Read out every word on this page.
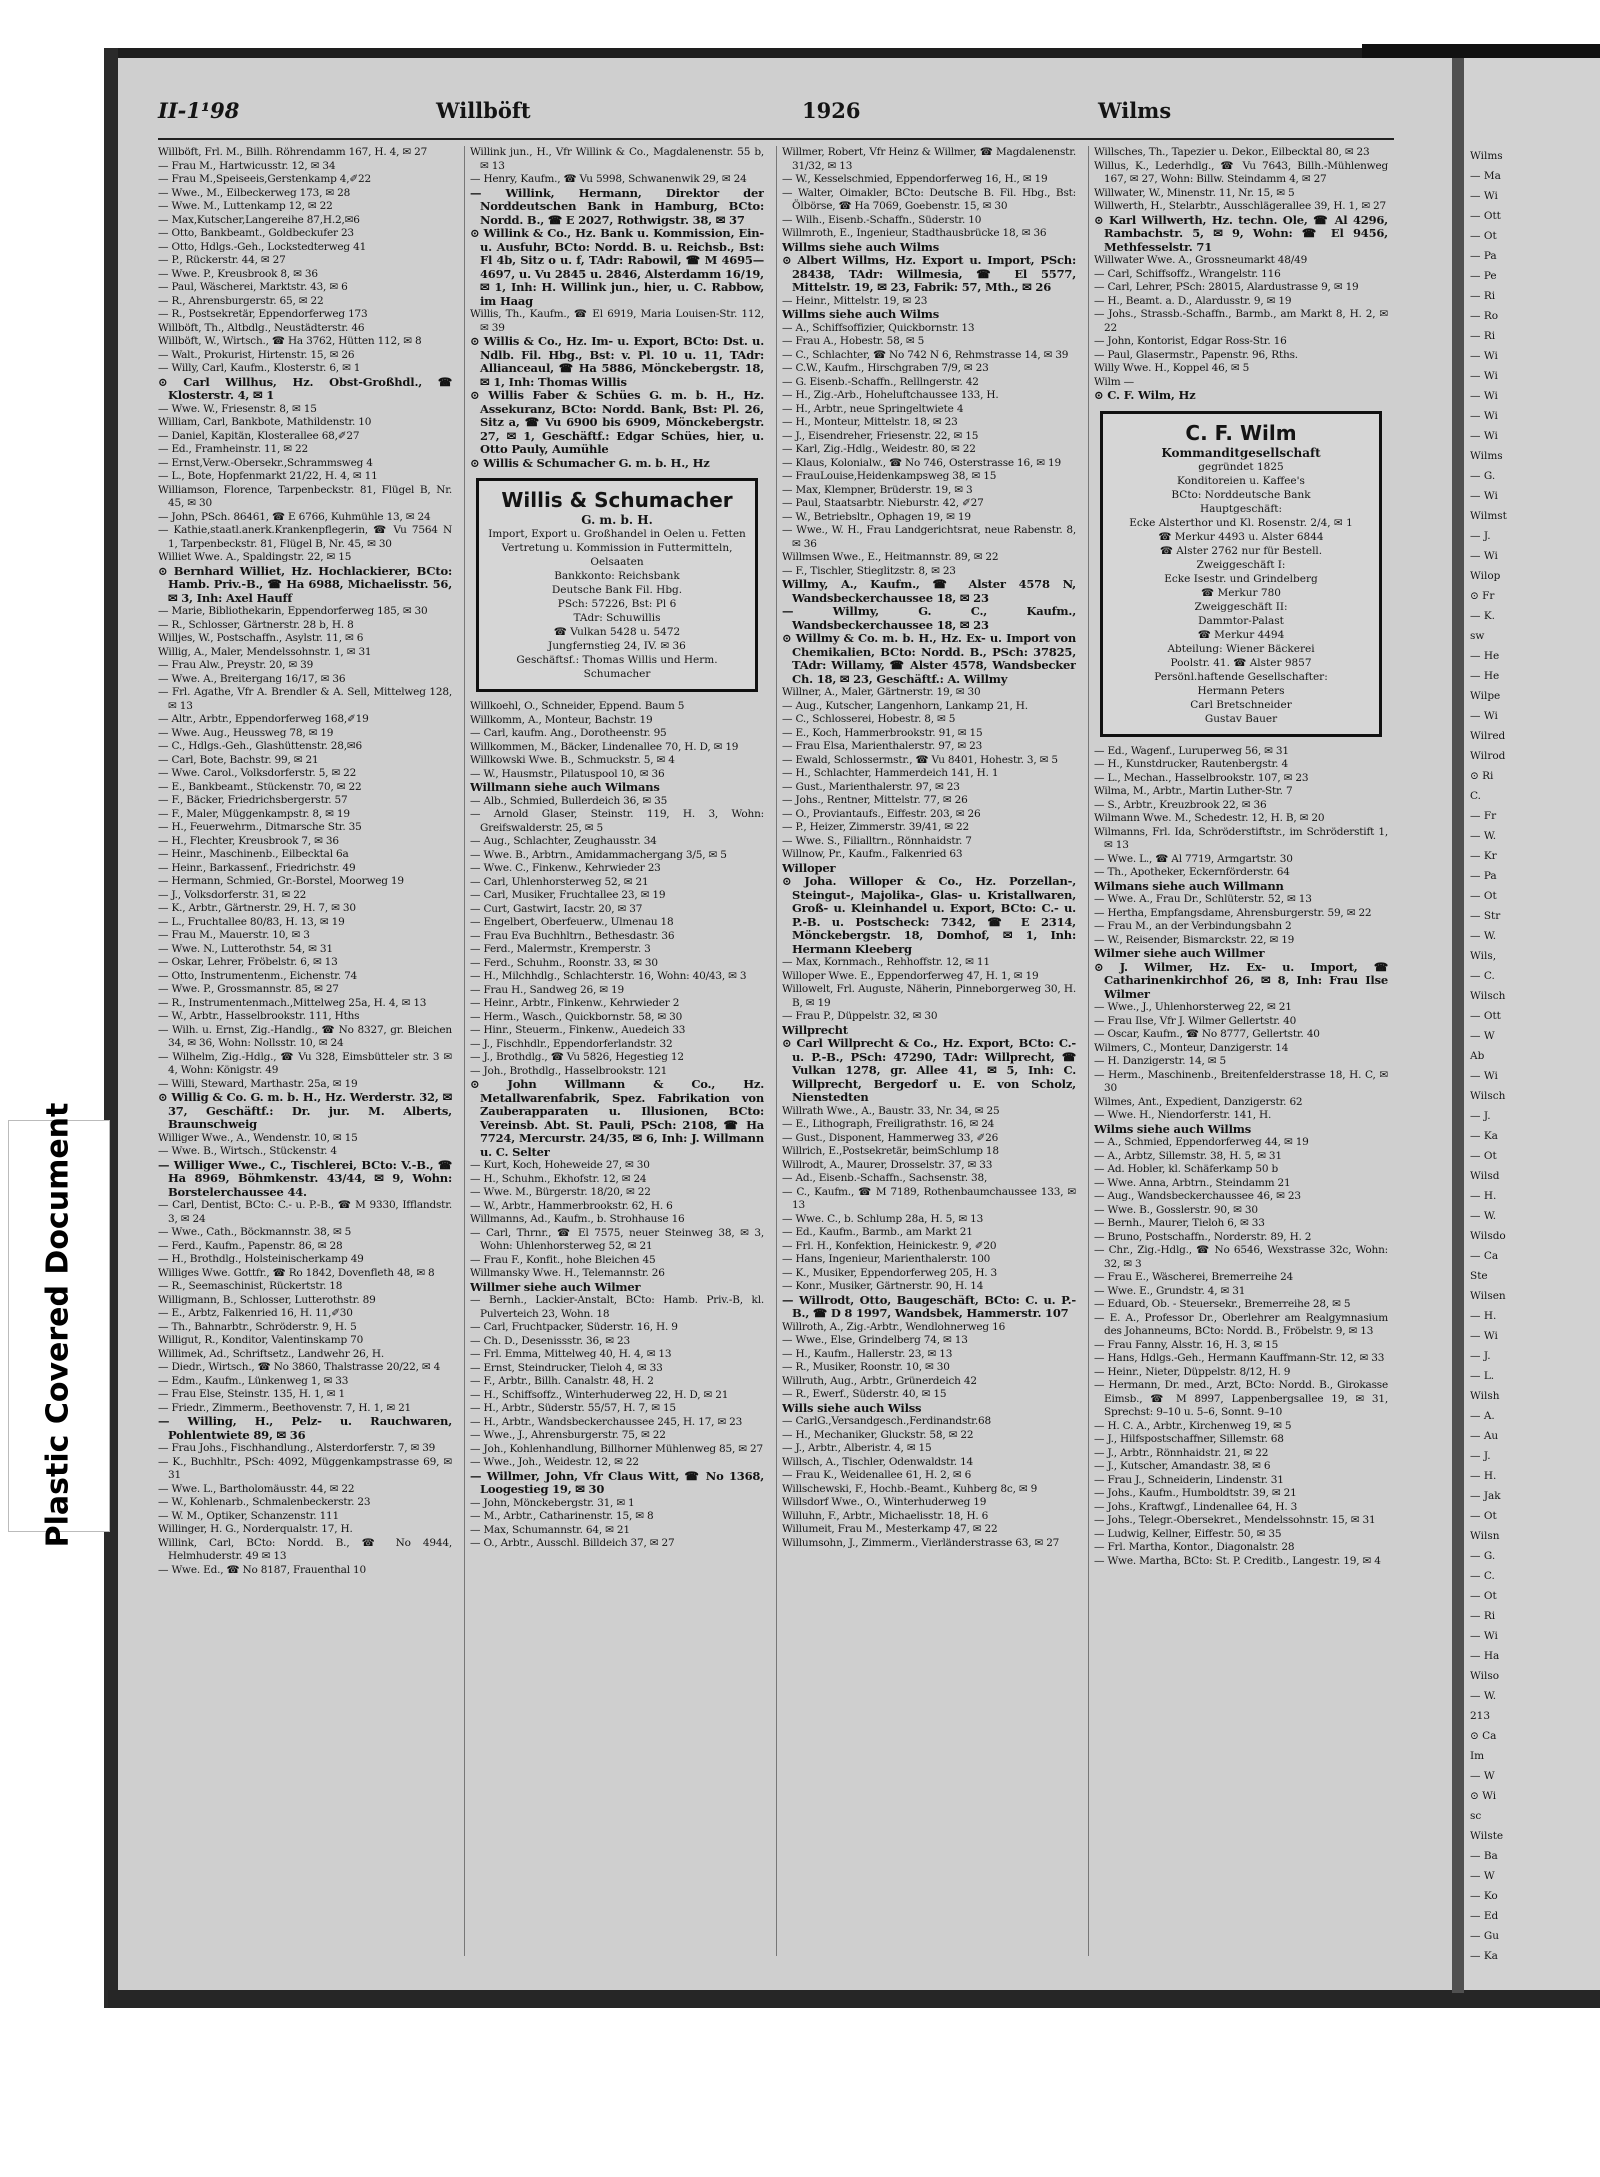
Plastic Covered Document
II-1¹98	Willböft	1926	Wilms

Willböft, Frl. M., Billh. Röhrendamm 167, H. 4, ✉ 27

— Frau M., Hartwicusstr. 12, ✉ 34

— Frau M.,Speiseeis,Gerstenkamp 4,✐22

— Wwe., M., Eilbeckerweg 173, ✉ 28

— Wwe. M., Luttenkamp 12, ✉ 22

— Max,Kutscher,Langereihe 87,H.2,✉6

— Otto, Bankbeamt., Goldbeckufer 23

— Otto, Hdlgs.-Geh., Lockstedterweg 41

— P., Rückerstr. 44, ✉ 27

— Wwe. P., Kreusbrook 8, ✉ 36

— Paul, Wäscherei, Marktstr. 43, ✉ 6

— R., Ahrensburgerstr. 65, ✉ 22

— R., Postsekretär, Eppendorferweg 173

Willböft, Th., Altbdlg., Neustädterstr. 46

Willböft, W., Wirtsch., ☎ Ha 3762, Hütten 112, ✉ 8

— Walt., Prokurist, Hirtenstr. 15, ✉ 26

— Willy, Carl, Kaufm., Klosterstr. 6, ✉ 1

⊙ Carl Willhus, Hz. Obst-Großhdl., ☎ Klosterstr. 4, ✉ 1

— Wwe. W., Friesenstr. 8, ✉ 15

William, Carl, Bankbote, Mathildenstr. 10

— Daniel, Kapitän, Klosterallee 68,✐27

— Ed., Framheinstr. 11, ✉ 22

— Ernst,Verw.-Obersekr.,Schrammsweg 4

— L., Bote, Hopfenmarkt 21/22, H. 4, ✉ 11

Williamson, Florence, Tarpenbeckstr. 81, Flügel B, Nr. 45, ✉ 30

— John, PSch. 86461, ☎ E 6766, Kuhmühle 13, ✉ 24

— Kathie,staatl.anerk.Krankenpflegerin, ☎ Vu 7564 N 1, Tarpenbeckstr. 81, Flügel B, Nr. 45, ✉ 30

Williet Wwe. A., Spaldingstr. 22, ✉ 15

⊙ Bernhard Williet, Hz. Hochlackierer, BCto: Hamb. Priv.-B., ☎ Ha 6988, Michaelisstr. 56, ✉ 3, Inh: Axel Hauff

— Marie, Bibliothekarin, Eppendorferweg 185, ✉ 30

— R., Schlosser, Gärtnerstr. 28 b, H. 8

Willjes, W., Postschaffn., Asylstr. 11, ✉ 6

Willig, A., Maler, Mendelssohnstr. 1, ✉ 31

— Frau Alw., Preystr. 20, ✉ 39

— Wwe. A., Breitergang 16/17, ✉ 36

— Frl. Agathe, Vfr A. Brendler & A. Sell, Mittelweg 128, ✉ 13

— Altr., Arbtr., Eppendorferweg 168,✐19

— Wwe. Aug., Heussweg 78, ✉ 19

— C., Hdlgs.-Geh., Glashüttenstr. 28,✉6

— Carl, Bote, Bachstr. 99, ✉ 21

— Wwe. Carol., Volksdorferstr. 5, ✉ 22

— E., Bankbeamt., Stückenstr. 70, ✉ 22

— F., Bäcker, Friedrichsbergerstr. 57

— F., Maler, Müggenkampstr. 8, ✉ 19

— H., Feuerwehrm., Ditmarsche Str. 35

— H., Flechter, Kreusbrook 7, ✉ 36

— Heinr., Maschinenb., Eilbecktal 6a

— Heinr., Barkassenf., Friedrichstr. 49

— Hermann, Schmied, Gr.-Borstel, Moorweg 19

— J., Volksdorferstr. 31, ✉ 22

— K., Arbtr., Gärtnerstr. 29, H. 7, ✉ 30

— L., Fruchtallee 80/83, H. 13, ✉ 19

— Frau M., Mauerstr. 10, ✉ 3

— Wwe. N., Lutterothstr. 54, ✉ 31

— Oskar, Lehrer, Fröbelstr. 6, ✉ 13

— Otto, Instrumentenm., Eichenstr. 74

— Wwe. P., Grossmannstr. 85, ✉ 27

— R., Instrumentenmach.,Mittelweg 25a, H. 4, ✉ 13

— W., Arbtr., Hasselbrookstr. 111, Hths

— Wilh. u. Ernst, Zig.-Handlg., ☎ No 8327, gr. Bleichen 34, ✉ 36, Wohn: Nollsstr. 10, ✉ 24

— Wilhelm, Zig.-Hdlg., ☎ Vu 328, Eimsbütteler str. 3 ✉ 4, Wohn: Königstr. 49

— Willi, Steward, Marthastr. 25a, ✉ 19

⊙ Willig & Co. G. m. b. H., Hz. Werderstr. 32, ✉ 37, Geschäftf.: Dr. jur. M. Alberts, Braunschweig

Williger Wwe., A., Wendenstr. 10, ✉ 15

— Wwe. B., Wirtsch., Stückenstr. 4

— Williger Wwe., C., Tischlerei, BCto: V.-B., ☎ Ha 8969, Böhmkenstr. 43/44, ✉ 9, Wohn: Borstelerchaussee 44.

— Carl, Dentist, BCto: C.- u. P.-B., ☎ M 9330, Ifflandstr. 3, ✉ 24

— Wwe., Cath., Böckmannstr. 38, ✉ 5

— Ferd., Kaufm., Papenstr. 86, ✉ 28

— H., Brothdlg., Holsteinischerkamp 49

Williges Wwe. Gottfr., ☎ Ro 1842, Dovenfleth 48, ✉ 8

— R., Seemaschinist, Rückertstr. 18

Willigmann, B., Schlosser, Lutterothstr. 89

— E., Arbtz, Falkenried 16, H. 11,✐30

— Th., Bahnarbtr., Schröderstr. 9, H. 5

Willigut, R., Konditor, Valentinskamp 70

Willimek, Ad., Schriftsetz., Landwehr 26, H.

— Diedr., Wirtsch., ☎ No 3860, Thalstrasse 20/22, ✉ 4

— Edm., Kaufm., Lünkenweg 1, ✉ 33

— Frau Else, Steinstr. 135, H. 1, ✉ 1

— Friedr., Zimmerm., Beethovenstr. 7, H. 1, ✉ 21

— Willing, H., Pelz- u. Rauchwaren, Pohlentwiete 89, ✉ 36

— Frau Johs., Fischhandlung., Alsterdorferstr. 7, ✉ 39

— K., Buchhltr., PSch: 4092, Müggenkampstrasse 69, ✉ 31

— Wwe. L., Bartholomäusstr. 44, ✉ 22

— W., Kohlenarb., Schmalenbeckerstr. 23

— W. M., Optiker, Schanzenstr. 111

Willinger, H. G., Norderqualstr. 17, H.

Willink, Carl, BCto: Nordd. B., ☎ No 4944, Helmhuderstr. 49 ✉ 13

— Wwe. Ed., ☎ No 8187, Frauenthal 10

Willink jun., H., Vfr Willink & Co., Magdalenenstr. 55 b, ✉ 13

— Henry, Kaufm., ☎ Vu 5998, Schwanenwik 29, ✉ 24

— Willink, Hermann, Direktor der Norddeutschen Bank in Hamburg, BCto: Nordd. B., ☎ E 2027, Rothwigstr. 38, ✉ 37

⊙ Willink & Co., Hz. Bank u. Kommission, Ein- u. Ausfuhr, BCto: Nordd. B. u. Reichsb., Bst: Fl 4b, Sitz o u. f, TAdr: Rabowil, ☎ M 4695—4697, u. Vu 2845 u. 2846, Alsterdamm 16/19, ✉ 1, Inh: H. Willink jun., hier, u. C. Rabbow, im Haag

Willis, Th., Kaufm., ☎ El 6919, Maria Louisen-Str. 112, ✉ 39

⊙ Willis & Co., Hz. Im- u. Export, BCto: Dst. u. Ndlb. Fil. Hbg., Bst: v. Pl. 10 u. 11, TAdr: Allianceaul, ☎ Ha 5886, Mönckebergstr. 18, ✉ 1, Inh: Thomas Willis

⊙ Willis Faber & Schües G. m. b. H., Hz. Assekuranz, BCto: Nordd. Bank, Bst: Pl. 26, Sitz a, ☎ Vu 6900 bis 6909, Mönckebergstr. 27, ✉ 1, Geschäftf.: Edgar Schües, hier, u. Otto Pauly, Aumühle

⊙ Willis & Schumacher G. m. b. H., Hz

Willis & Schumacher
G. m. b. H.
Import, Export u. Großhandel in Oelen u. Fetten
Vertretung u. Kommission in Futtermitteln, Oelsaaten
Bankkonto: Reichsbank
Deutsche Bank Fil. Hbg.
PSch: 57226, Bst: Pl 6
TAdr: Schuwillis
☎ Vulkan 5428 u. 5472
Jungfernstieg 24, IV. ✉ 36
Geschäftsf.: Thomas Willis und Herm. Schumacher

Willkoehl, O., Schneider, Eppend. Baum 5

Willkomm, A., Monteur, Bachstr. 19

— Carl, kaufm. Ang., Dorotheenstr. 95

Willkommen, M., Bäcker, Lindenallee 70, H. D, ✉ 19

Willkowski Wwe. B., Schmuckstr. 5, ✉ 4

— W., Hausmstr., Pilatuspool 10, ✉ 36

Willmann siehe auch Wilmans

— Alb., Schmied, Bullerdeich 36, ✉ 35

— Arnold Glaser, Steinstr. 119, H. 3, Wohn: Greifswalderstr. 25, ✉ 5

— Aug., Schlachter, Zeughausstr. 34

— Wwe. B., Arbtrn., Amidammachergang 3/5, ✉ 5

— Wwe. C., Finkenw., Kehrwieder 23

— Carl, Uhlenhorsterweg 52, ✉ 21

— Carl, Musiker, Fruchtallee 23, ✉ 19

— Curt, Gastwirt, Iacstr. 20, ✉ 37

— Engelbert, Oberfeuerw., Ulmenau 18

— Frau Eva Buchhltrn., Bethesdastr. 36

— Ferd., Malermstr., Kremperstr. 3

— Ferd., Schuhm., Roonstr. 33, ✉ 30

— H., Milchhdlg., Schlachterstr. 16, Wohn: 40/43, ✉ 3

— Frau H., Sandweg 26, ✉ 19

— Heinr., Arbtr., Finkenw., Kehrwieder 2

— Herm., Wasch., Quickbornstr. 58, ✉ 30

— Hinr., Steuerm., Finkenw., Auedeich 33

— J., Fischhdlr., Eppendorferlandstr. 32

— J., Brothdlg., ☎ Vu 5826, Hegestieg 12

— Joh., Brothdlg., Hasselbrookstr. 121

⊙ John Willmann & Co., Hz. Metallwarenfabrik, Spez. Fabrikation von Zauberapparaten u. Illusionen, BCto: Vereinsb. Abt. St. Pauli, PSch: 2108, ☎ Ha 7724, Mercurstr. 24/35, ✉ 6, Inh: J. Willmann u. C. Selter

— Kurt, Koch, Hoheweide 27, ✉ 30

— H., Schuhm., Ekhofstr. 12, ✉ 24

— Wwe. M., Bürgerstr. 18/20, ✉ 22

— W., Arbtr., Hammerbrookstr. 62, H. 6

Willmanns, Ad., Kaufm., b. Strohhause 16

— Carl, Thrnr., ☎ El 7575, neuer Steinweg 38, ✉ 3, Wohn: Uhlenhorsterweg 52, ✉ 21

— Frau F., Konfit., hohe Bleichen 45

Willmansky Wwe. H., Telemannstr. 26

Willmer siehe auch Wilmer

— Bernh., Lackier-Anstalt, BCto: Hamb. Priv.-B, kl. Pulverteich 23, Wohn. 18

— Carl, Fruchtpacker, Süderstr. 16, H. 9

— Ch. D., Desenissstr. 36, ✉ 23

— Frl. Emma, Mittelweg 40, H. 4, ✉ 13

— Ernst, Steindrucker, Tieloh 4, ✉ 33

— F., Arbtr., Billh. Canalstr. 48, H. 2

— H., Schiffsoffz., Winterhuderweg 22, H. D, ✉ 21

— H., Arbtr., Süderstr. 55/57, H. 7, ✉ 15

— H., Arbtr., Wandsbeckerchaussee 245, H. 17, ✉ 23

— Wwe., J., Ahrensburgerstr. 75, ✉ 22

— Joh., Kohlenhandlung, Billhorner Mühlenweg 85, ✉ 27

— Wwe., Joh., Weidestr. 12, ✉ 22

— Willmer, John, Vfr Claus Witt, ☎ No 1368, Loogestieg 19, ✉ 30

— John, Mönckebergstr. 31, ✉ 1

— M., Arbtr., Catharinenstr. 15, ✉ 8

— Max, Schumannstr. 64, ✉ 21

— O., Arbtr., Ausschl. Billdeich 37, ✉ 27

Willmer, Robert, Vfr Heinz & Willmer, ☎ Magdalenenstr. 31/32, ✉ 13

— W., Kesselschmied, Eppendorferweg 16, H., ✉ 19

— Walter, Oimakler, BCto: Deutsche B. Fil. Hbg., Bst: Ölbörse, ☎ Ha 7069, Goebenstr. 15, ✉ 30

— Wilh., Eisenb.-Schaffn., Süderstr. 10

Willmroth, E., Ingenieur, Stadthausbrücke 18, ✉ 36

Willms siehe auch Wilms

⊙ Albert Willms, Hz. Export u. Import, PSch: 28438, TAdr: Willmesia, ☎ El 5577, Mittelstr. 19, ✉ 23, Fabrik: 57, Mth., ✉ 26

— Heinr., Mittelstr. 19, ✉ 23

Willms siehe auch Wilms

— A., Schiffsoffizier, Quickbornstr. 13

— Frau A., Hobestr. 58, ✉ 5

— C., Schlachter, ☎ No 742 N 6, Rehmstrasse 14, ✉ 39

— C.W., Kaufm., Hirschgraben 7/9, ✉ 23

— G. Eisenb.-Schaffn., Relllngerstr. 42

— H., Zig.-Arb., Hoheluftchaussee 133, H.

— H., Arbtr., neue Springeltwiete 4

— H., Monteur, Mittelstr. 18, ✉ 23

— J., Eisendreher, Friesenstr. 22, ✉ 15

— Karl, Zig.-Hdlg., Weidestr. 80, ✉ 22

— Klaus, Kolonialw., ☎ No 746, Osterstrasse 16, ✉ 19

— FrauLouise,Heidenkampsweg 38, ✉ 15

— Max, Klempner, Brüderstr. 19, ✉ 3

— Paul, Staatsarbtr. Nieburstr. 42, ✐27

— W., Betriebsltr., Ophagen 19, ✉ 19

— Wwe., W. H., Frau Landgerichtsrat, neue Rabenstr. 8, ✉ 36

Willmsen Wwe., E., Heitmannstr. 89, ✉ 22

— F., Tischler, Stieglitzstr. 8, ✉ 23

Willmy, A., Kaufm., ☎ Alster 4578 N, Wandsbeckerchaussee 18, ✉ 23

— Willmy, G. C., Kaufm., Wandsbeckerchaussee 18, ✉ 23

⊙ Willmy & Co. m. b. H., Hz. Ex- u. Import von Chemikalien, BCto: Nordd. B., PSch: 37825, TAdr: Willamy, ☎ Alster 4578, Wandsbecker Ch. 18, ✉ 23, Geschäftf.: A. Willmy

Willner, A., Maler, Gärtnerstr. 19, ✉ 30

— Aug., Kutscher, Langenhorn, Lankamp 21, H.

— C., Schlosserei, Hobestr. 8, ✉ 5

— E., Koch, Hammerbrookstr. 91, ✉ 15

— Frau Elsa, Marienthalerstr. 97, ✉ 23

— Ewald, Schlossermstr., ☎ Vu 8401, Hohestr. 3, ✉ 5

— H., Schlachter, Hammerdeich 141, H. 1

— Gust., Marienthalerstr. 97, ✉ 23

— Johs., Rentner, Mittelstr. 77, ✉ 26

— O., Proviantaufs., Eiffestr. 203, ✉ 26

— P., Heizer, Zimmerstr. 39/41, ✉ 22

— Wwe. S., Filialltrn., Rönnhaidstr. 7

Willnow, Pr., Kaufm., Falkenried 63

Willoper

⊙ Joha. Willoper & Co., Hz. Porzellan-, Steingut-, Majolika-, Glas- u. Kristallwaren, Groß- u. Kleinhandel u. Export, BCto: C.- u. P.-B. u. Postscheck: 7342, ☎ E 2314, Mönckebergstr. 18, Domhof, ✉ 1, Inh: Hermann Kleeberg

— Max, Kornmach., Rehhoffstr. 12, ✉ 11

Willoper Wwe. E., Eppendorferweg 47, H. 1, ✉ 19

Willowelt, Frl. Auguste, Näherin, Pinneborgerweg 30, H. B, ✉ 19

— Frau P., Düppelstr. 32, ✉ 30

Willprecht

⊙ Carl Willprecht & Co., Hz. Export, BCto: C.- u. P.-B., PSch: 47290, TAdr: Willprecht, ☎ Vulkan 1278, gr. Allee 41, ✉ 5, Inh: C. Willprecht, Bergedorf u. E. von Scholz, Nienstedten

Willrath Wwe., A., Baustr. 33, Nr. 34, ✉ 25

— E., Lithograph, Freiligrathstr. 16, ✉ 24

— Gust., Disponent, Hammerweg 33, ✐26

Willrich, E.,Postsekretär, beimSchlump 18

Willrodt, A., Maurer, Drosselstr. 37, ✉ 33

— Ad., Eisenb.-Schaffn., Sachsenstr. 38,

— C., Kaufm., ☎ M 7189, Rothenbaumchaussee 133, ✉ 13

— Wwe. C., b. Schlump 28a, H. 5, ✉ 13

— Ed., Kaufm., Barmb., am Markt 21

— Frl. H., Konfektion, Heinickestr. 9, ✐20

— Hans, Ingenieur, Marienthalerstr. 100

— K., Musiker, Eppendorferweg 205, H. 3

— Konr., Musiker, Gärtnerstr. 90, H. 14

— Willrodt, Otto, Baugeschäft, BCto: C. u. P.-B., ☎ D 8 1997, Wandsbek, Hammerstr. 107

Willroth, A., Zig.-Arbtr., Wendlohnerweg 16

— Wwe., Else, Grindelberg 74, ✉ 13

— H., Kaufm., Hallerstr. 23, ✉ 13

— R., Musiker, Roonstr. 10, ✉ 30

Willruth, Aug., Arbtr., Grünerdeich 42

— R., Ewerf., Süderstr. 40, ✉ 15

Wills siehe auch Wilss

— CarlG.,Versandgesch.,Ferdinandstr.68

— H., Mechaniker, Gluckstr. 58, ✉ 22

— J., Arbtr., Alberistr. 4, ✉ 15

Willsch, A., Tischler, Odenwaldstr. 14

— Frau K., Weidenallee 61, H. 2, ✉ 6

Willschewski, F., Hochb.-Beamt., Kuhberg 8c, ✉ 9

Willsdorf Wwe., O., Winterhuderweg 19

Willuhn, F., Arbtr., Michaelisstr. 18, H. 6

Willumeit, Frau M., Mesterkamp 47, ✉ 22

Willumsohn, J., Zimmerm., Vierländerstrasse 63, ✉ 27

Willsches, Th., Tapezier u. Dekor., Eilbecktal 80, ✉ 23

Willus, K., Lederhdlg., ☎ Vu 7643, Billh.-Mühlenweg 167, ✉ 27, Wohn: Billw. Steindamm 4, ✉ 27

Willwater, W., Minenstr. 11, Nr. 15, ✉ 5

Willwerth, H., Stelarbtr., Ausschlägerallee 39, H. 1, ✉ 27

⊙ Karl Willwerth, Hz. techn. Ole, ☎ Al 4296, Rambachstr. 5, ✉ 9, Wohn: ☎ El 9456, Methfesselstr. 71

Willwater Wwe. A., Grossneumarkt 48/49

— Carl, Schiffsoffz., Wrangelstr. 116

— Carl, Lehrer, PSch: 28015, Alardustrasse 9, ✉ 19

— H., Beamt. a. D., Alardusstr. 9, ✉ 19

— Johs., Strassb.-Schaffn., Barmb., am Markt 8, H. 2, ✉ 22

— John, Kontorist, Edgar Ross-Str. 16

— Paul, Glasermstr., Papenstr. 96, Rths.

Willy Wwe. H., Koppel 46, ✉ 5

Wilm —

⊙ C. F. Wilm, Hz

C. F. Wilm
Kommanditgesellschaft
gegründet 1825
Konditoreien u. Kaffee's
BCto: Norddeutsche Bank
Hauptgeschäft:
Ecke Alsterthor und Kl. Rosenstr. 2/4, ✉ 1
☎ Merkur 4493 u. Alster 6844
☎ Alster 2762 nur für Bestell.
Zweiggeschäft I:
Ecke Isestr. und Grindelberg
☎ Merkur 780
Zweiggeschäft II:
Dammtor-Palast
☎ Merkur 4494
Abteilung: Wiener Bäckerei
Poolstr. 41. ☎ Alster 9857
Persönl.haftende Gesellschafter:
Hermann Peters
Carl Bretschneider
Gustav Bauer

— Ed., Wagenf., Luruperweg 56, ✉ 31

— H., Kunstdrucker, Rautenbergstr. 4

— L., Mechan., Hasselbrookstr. 107, ✉ 23

Wilma, M., Arbtr., Martin Luther-Str. 7

— S., Arbtr., Kreuzbrook 22, ✉ 36

Wilmann Wwe. M., Schedestr. 12, H. B, ✉ 20

Wilmanns, Frl. Ida, Schröderstiftstr., im Schröderstift 1, ✉ 13

— Wwe. L., ☎ Al 7719, Armgartstr. 30

— Th., Apotheker, Eckernförderstr. 64

Wilmans siehe auch Willmann

— Wwe. A., Frau Dr., Schlüterstr. 52, ✉ 13

— Hertha, Empfangsdame, Ahrensburgerstr. 59, ✉ 22

— Frau M., an der Verbindungsbahn 2

— W., Reisender, Bismarckstr. 22, ✉ 19

Wilmer siehe auch Willmer

⊙ J. Wilmer, Hz. Ex- u. Import, ☎ Catharinenkirchhof 26, ✉ 8, Inh: Frau Ilse Wilmer

— Wwe., J., Uhlenhorsterweg 22, ✉ 21

— Frau Ilse, Vfr J. Wilmer Gellertstr. 40

— Oscar, Kaufm., ☎ No 8777, Gellertstr. 40

Wilmers, C., Monteur, Danzigerstr. 14

— H. Danzigerstr. 14, ✉ 5

— Herm., Maschinenb., Breitenfelderstrasse 18, H. C, ✉ 30

Wilmes, Ant., Expedient, Danzigerstr. 62

— Wwe. H., Niendorferstr. 141, H.

Wilms siehe auch Willms

— A., Schmied, Eppendorferweg 44, ✉ 19

— A., Arbtz, Sillemstr. 38, H. 5, ✉ 31

— Ad. Hobler, kl. Schäferkamp 50 b

— Wwe. Anna, Arbtrn., Steindamm 21

— Aug., Wandsbeckerchaussee 46, ✉ 23

— Wwe. B., Gosslerstr. 90, ✉ 30

— Bernh., Maurer, Tieloh 6, ✉ 33

— Bruno, Postschaffn., Norderstr. 89, H. 2

— Chr., Zig.-Hdlg., ☎ No 6546, Wexstrasse 32c, Wohn: 32, ✉ 3

— Frau E., Wäscherei, Bremerreihe 24

— Wwe. E., Grundstr. 4, ✉ 31

— Eduard, Ob. - Steuersekr., Bremerreihe 28, ✉ 5

— E. A., Professor Dr., Oberlehrer am Realgymnasium des Johanneums, BCto: Nordd. B., Fröbelstr. 9, ✉ 13

— Frau Fanny, Alsstr. 16, H. 3, ✉ 15

— Hans, Hdlgs.-Geh., Hermann Kauffmann-Str. 12, ✉ 33

— Heinr., Nieter, Düppelstr. 8/12, H. 9

— Hermann, Dr. med., Arzt, BCto: Nordd. B., Girokasse Eimsb., ☎ M 8997, Lappenbergsallee 19, ✉ 31, Sprechst: 9–10 u. 5–6, Sonnt. 9–10

— H. C. A., Arbtr., Kirchenweg 19, ✉ 5

— J., Hilfspostschaffner, Sillemstr. 68

— J., Arbtr., Rönnhaidstr. 21, ✉ 22

— J., Kutscher, Amandastr. 38, ✉ 6

— Frau J., Schneiderin, Lindenstr. 31

— Johs., Kaufm., Humboldtstr. 39, ✉ 21

— Johs., Kraftwgf., Lindenallee 64, H. 3

— Johs., Telegr.-Obersekret., Mendelssohnstr. 15, ✉ 31

— Ludwig, Kellner, Eiffestr. 50, ✉ 35

— Frl. Martha, Kontor., Diagonalstr. 28

— Wwe. Martha, BCto: St. P. Creditb., Langestr. 19, ✉ 4

Wilms
— Ma
— Wi
— Ott
— Ot
— Pa
— Pe
— Ri
— Ro
— Ri
— Wi
— Wi
— Wi
— Wi
— Wi
Wilms
— G.
— Wi
Wilmst
— J.
— Wi
Wilop
⊙ Fr
— K.
sw
— He
— He
Wilpe
— Wi
Wilred
Wilrod
⊙ Ri
C.
— Fr
— W.
— Kr
— Pa
— Ot
— Str
— W.
Wils,
— C.
Wilsch
— Ott
— W
Ab
— Wi
Wilsch
— J.
— Ka
— Ot
Wilsd
— H.
— W.
Wilsdo
— Ca
Ste
Wilsen
— H.
— Wi
— J.
— L.
Wilsh
— A.
— Au
— J.
— H.
— Jak
— Ot
Wilsn
— G.
— C.
— Ot
— Ri
— Wi
— Ha
Wilso
— W.
213
⊙ Ca
Im
— W
⊙ Wi
sc
Wilste
— Ba
— W
— Ko
— Ed
— Gu
— Ka
